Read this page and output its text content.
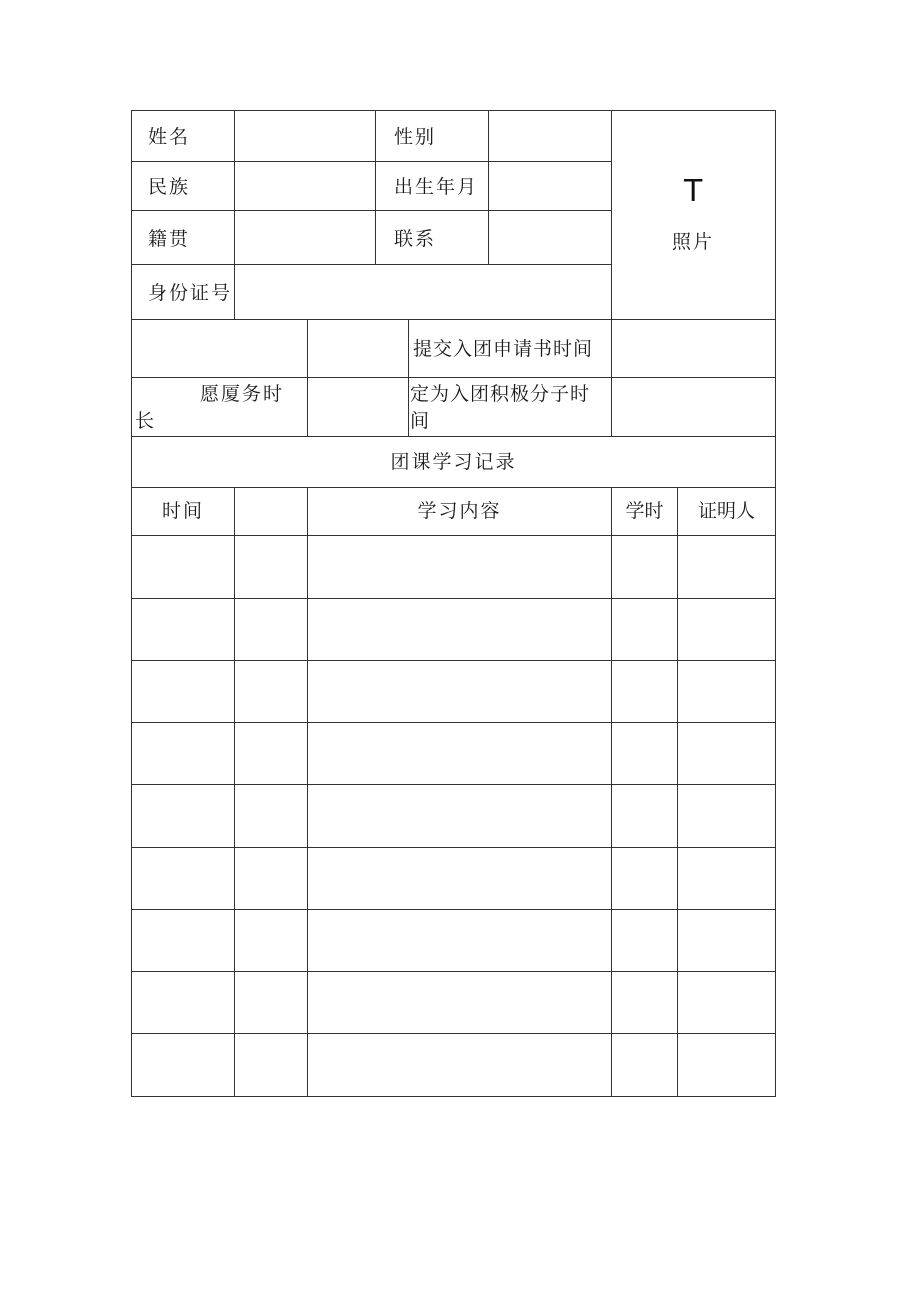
姓名	性别
民族	出生年月
籍贯	联系
身份证号
T
照片
提交入团申请书时间
愿厦务时
长
定为入团积极分子时
间
团课学习记录
时间	学习内容	学时	证明人
